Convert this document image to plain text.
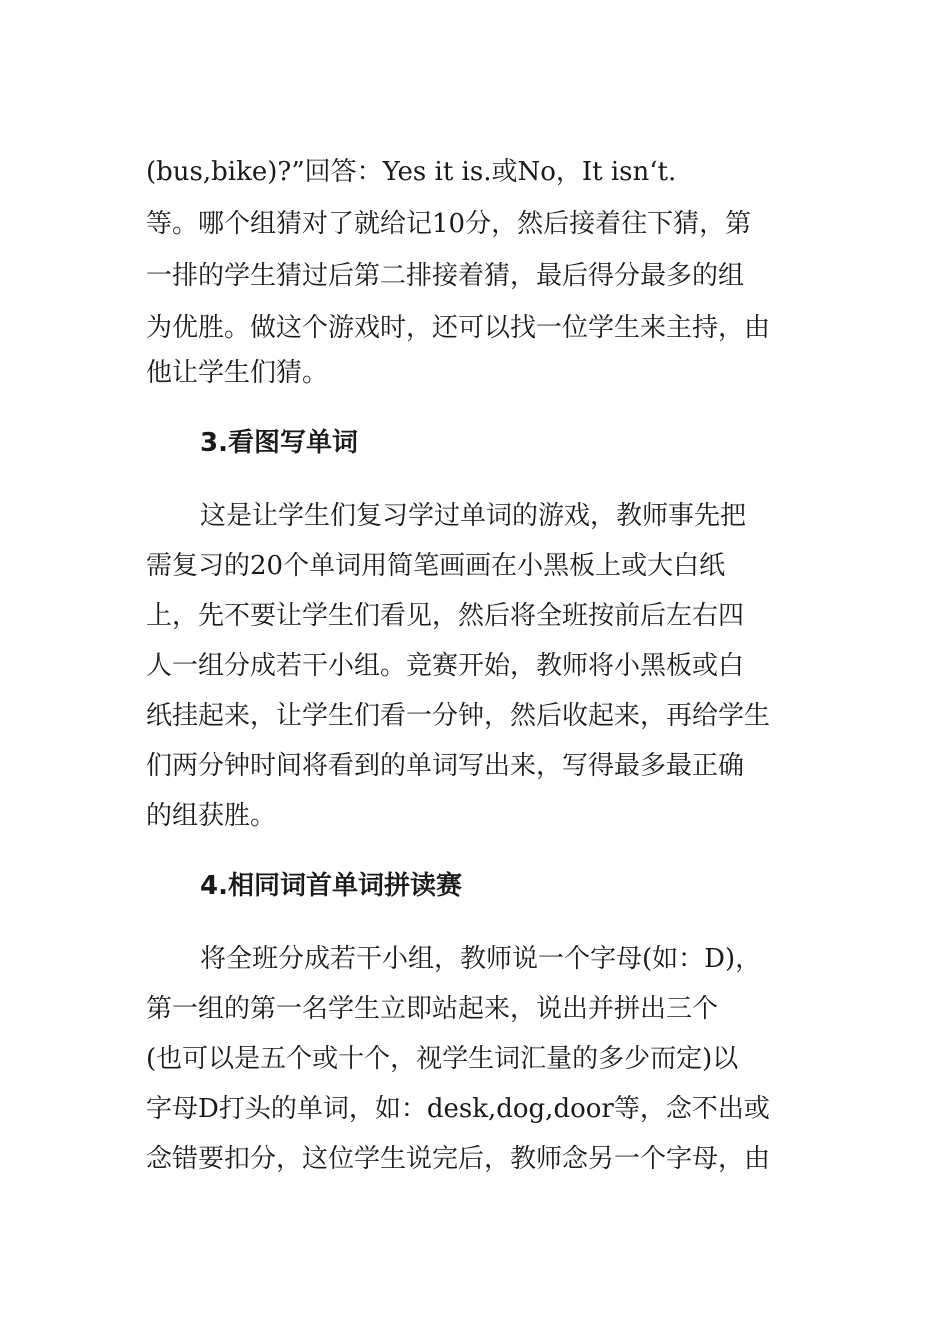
(bus,bike)?”回答：Yes it is.或No，It isn‘t.
等。哪个组猜对了就给记10分，然后接着往下猜，第
一排的学生猜过后第二排接着猜，最后得分最多的组
为优胜。做这个游戏时，还可以找一位学生来主持，由
他让学生们猜。
3.看图写单词
这是让学生们复习学过单词的游戏，教师事先把
需复习的20个单词用简笔画画在小黑板上或大白纸
上，先不要让学生们看见，然后将全班按前后左右四
人一组分成若干小组。竞赛开始，教师将小黑板或白
纸挂起来，让学生们看一分钟，然后收起来，再给学生
们两分钟时间将看到的单词写出来，写得最多最正确
的组获胜。
4.相同词首单词拼读赛
将全班分成若干小组，教师说一个字母(如：D)，
第一组的第一名学生立即站起来，说出并拼出三个
(也可以是五个或十个，视学生词汇量的多少而定)以
字母D打头的单词，如：desk,dog,door等，念不出或
念错要扣分，这位学生说完后，教师念另一个字母，由
